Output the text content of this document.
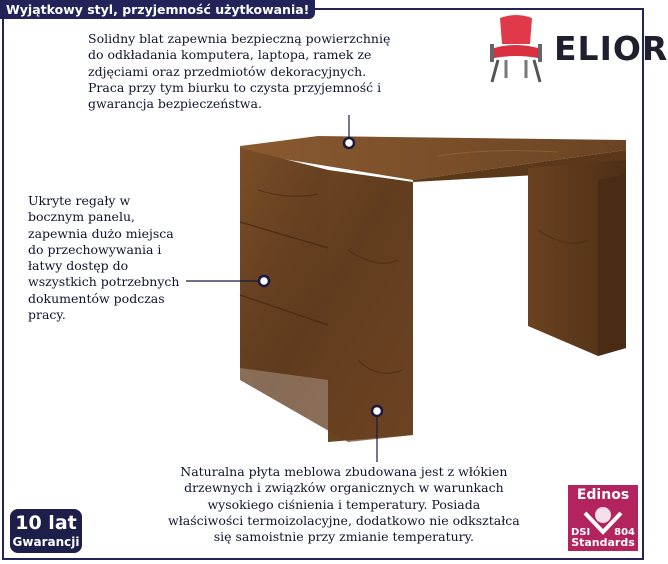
Wyjątkowy styl, przyjemność użytkowania!
ELIOR
Solidny blat zapewnia bezpieczną powierzchnię
do odkładania komputera, laptopa, ramek ze
zdjęciami oraz przedmiotów dekoracyjnych.
Praca przy tym biurku to czysta przyjemność i
gwarancja bezpieczeństwa.
Ukryte regały w
bocznym panelu,
zapewnia dużo miejsca
do przechowywania i
łatwy dostęp do
wszystkich potrzebnych
dokumentów podczas
pracy.
Naturalna płyta meblowa zbudowana jest z włókien
drzewnych i związków organicznych w warunkach
wysokiego ciśnienia i temperatury. Posiada
właściwości termoizolacyjne, dodatkowo nie odkształca
się samoistnie przy zmianie temperatury.
10 lat
Gwarancji
Edinos
DSI 804
Standards
